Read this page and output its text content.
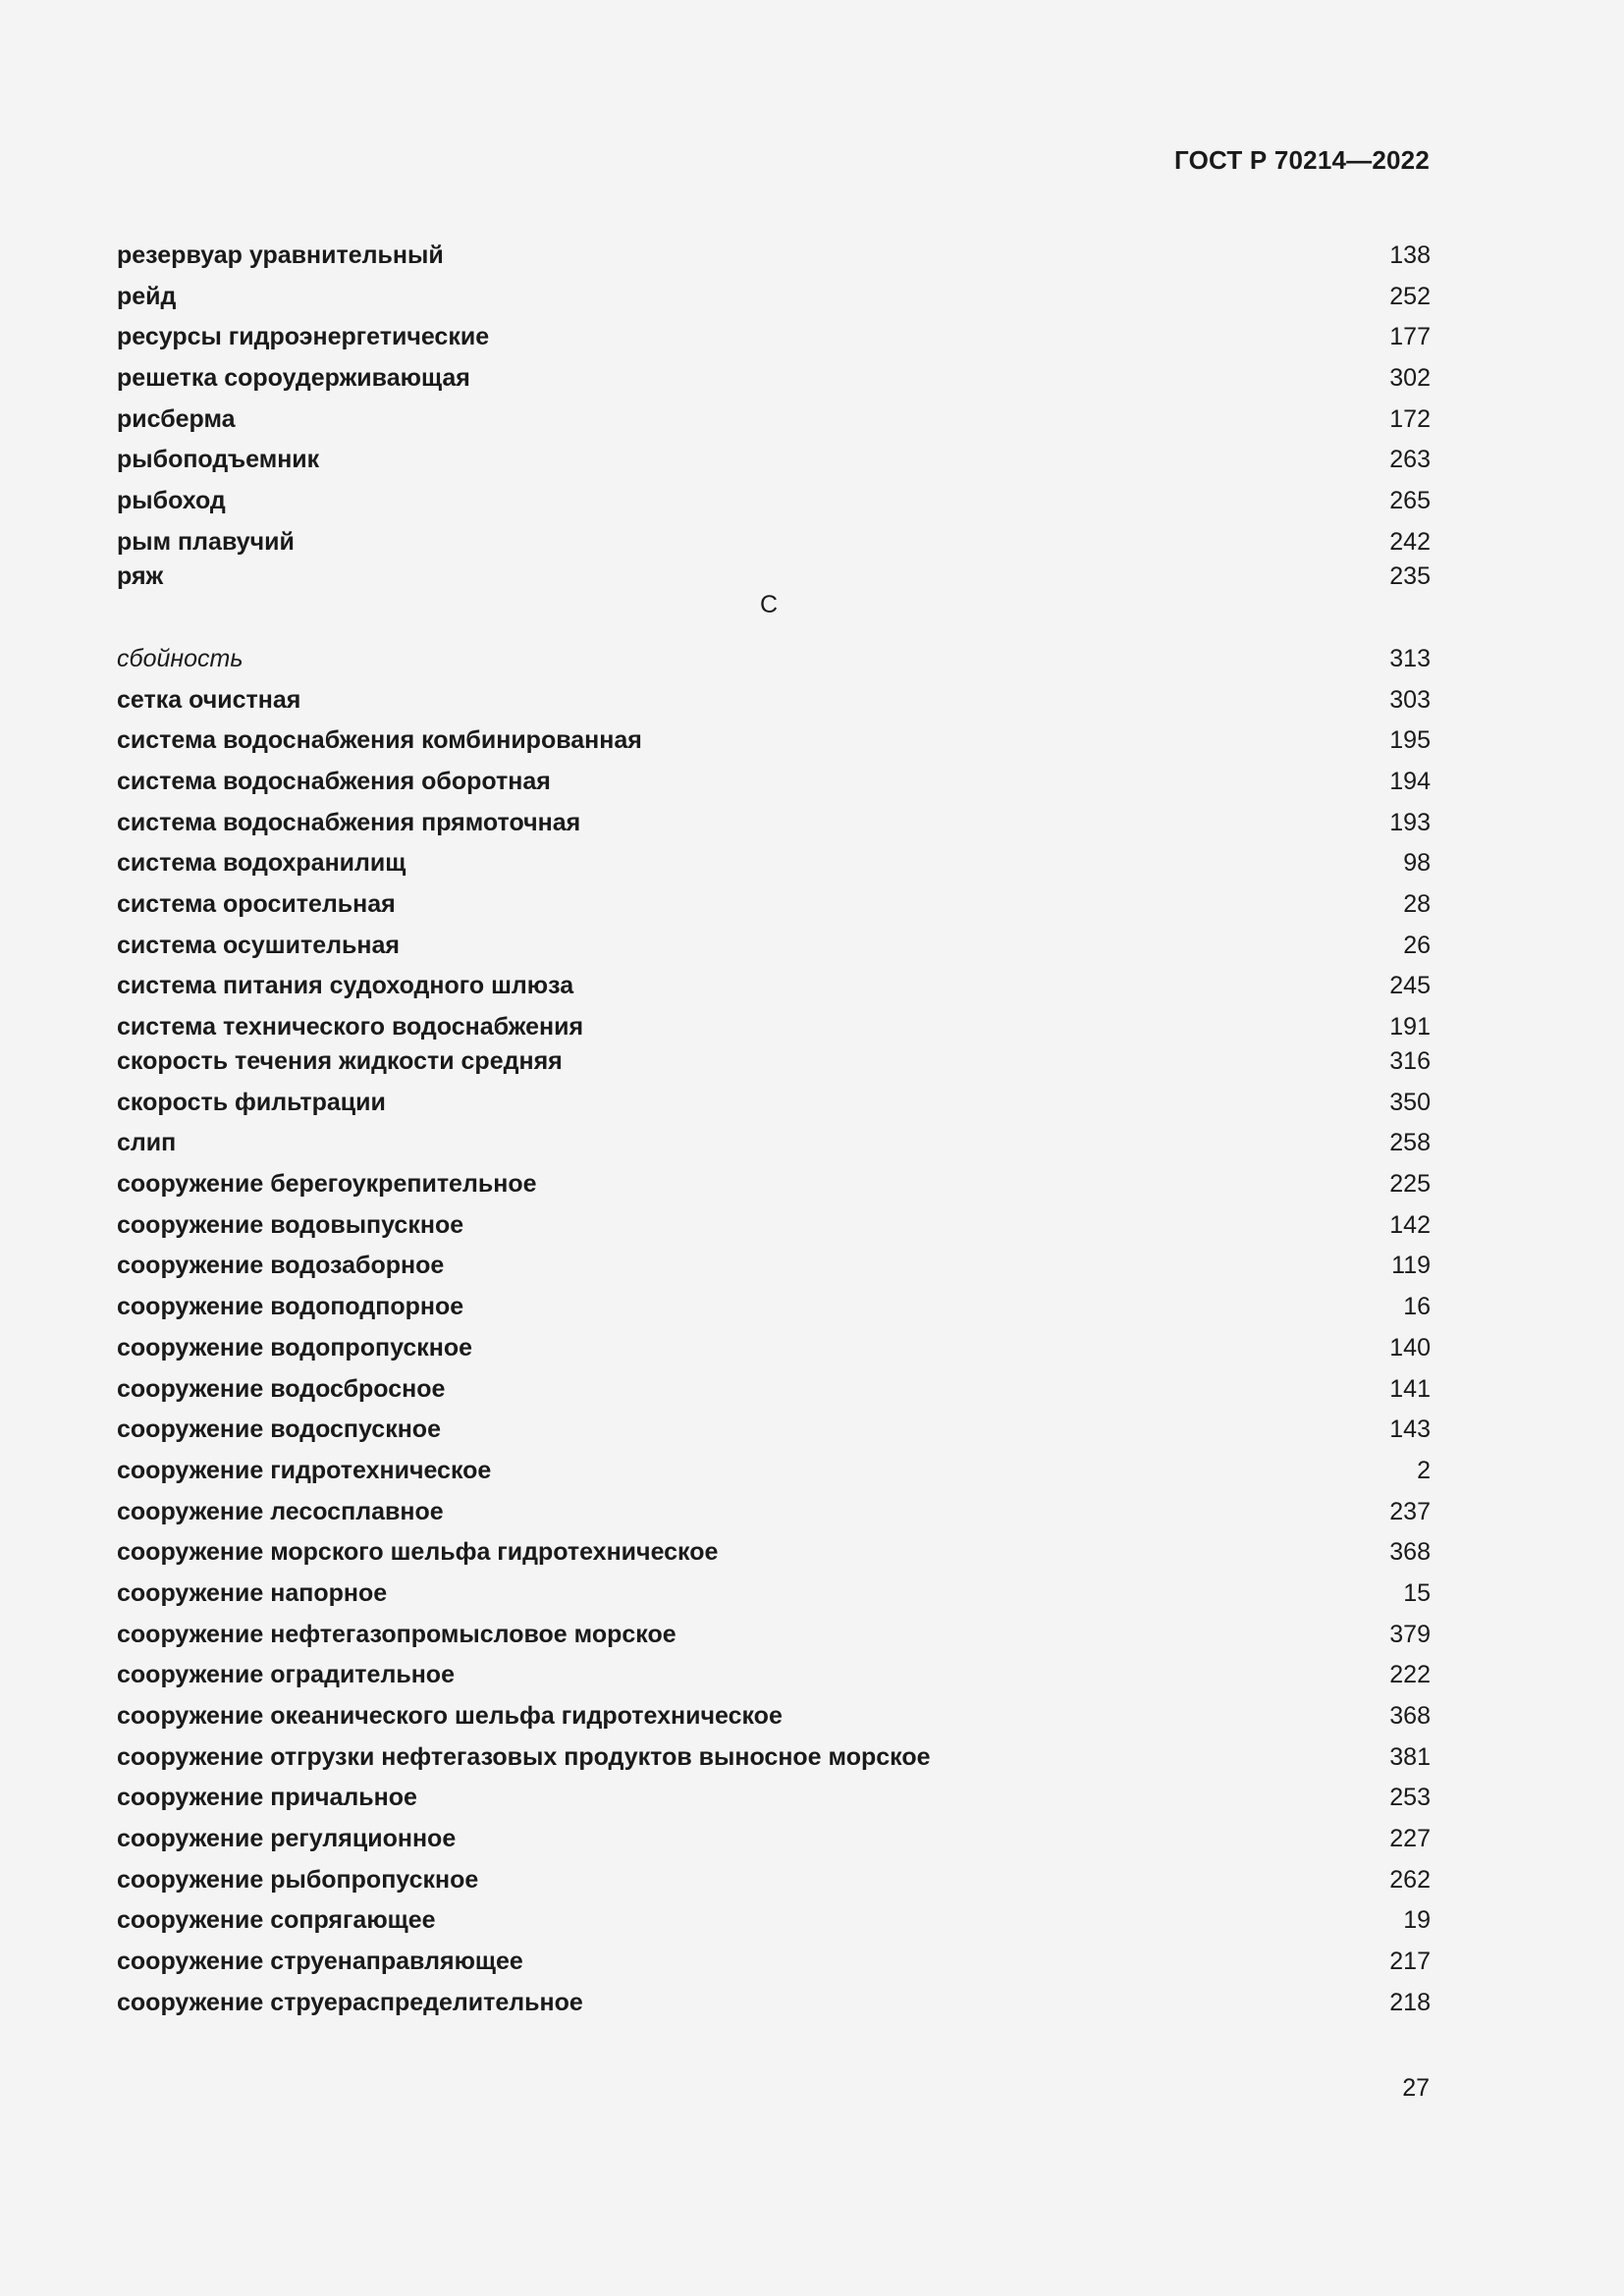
ГОСТ Р 70214—2022
резервуар уравнительный	138
рейд	252
ресурсы гидроэнергетические	177
решетка сороудерживающая	302
рисберма	172
рыбоподъемник	263
рыбоход	265
рым плавучий	242
ряж	235
С
сбойность	313
сетка очистная	303
система водоснабжения комбинированная	195
система водоснабжения оборотная	194
система водоснабжения прямоточная	193
система водохранилищ	98
система оросительная	28
система осушительная	26
система питания судоходного шлюза	245
система технического водоснабжения	191
скорость течения жидкости средняя	316
скорость фильтрации	350
слип	258
сооружение берегоукрепительное	225
сооружение водовыпускное	142
сооружение водозаборное	119
сооружение водоподпорное	16
сооружение водопропускное	140
сооружение водосбросное	141
сооружение водоспускное	143
сооружение гидротехническое	2
сооружение лесосплавное	237
сооружение морского шельфа гидротехническое	368
сооружение напорное	15
сооружение нефтегазопромысловое морское	379
сооружение оградительное	222
сооружение океанического шельфа гидротехническое	368
сооружение отгрузки нефтегазовых продуктов выносное морское	381
сооружение причальное	253
сооружение регуляционное	227
сооружение рыбопропускное	262
сооружение сопрягающее	19
сооружение струенаправляющее	217
сооружение струераспределительное	218
27
